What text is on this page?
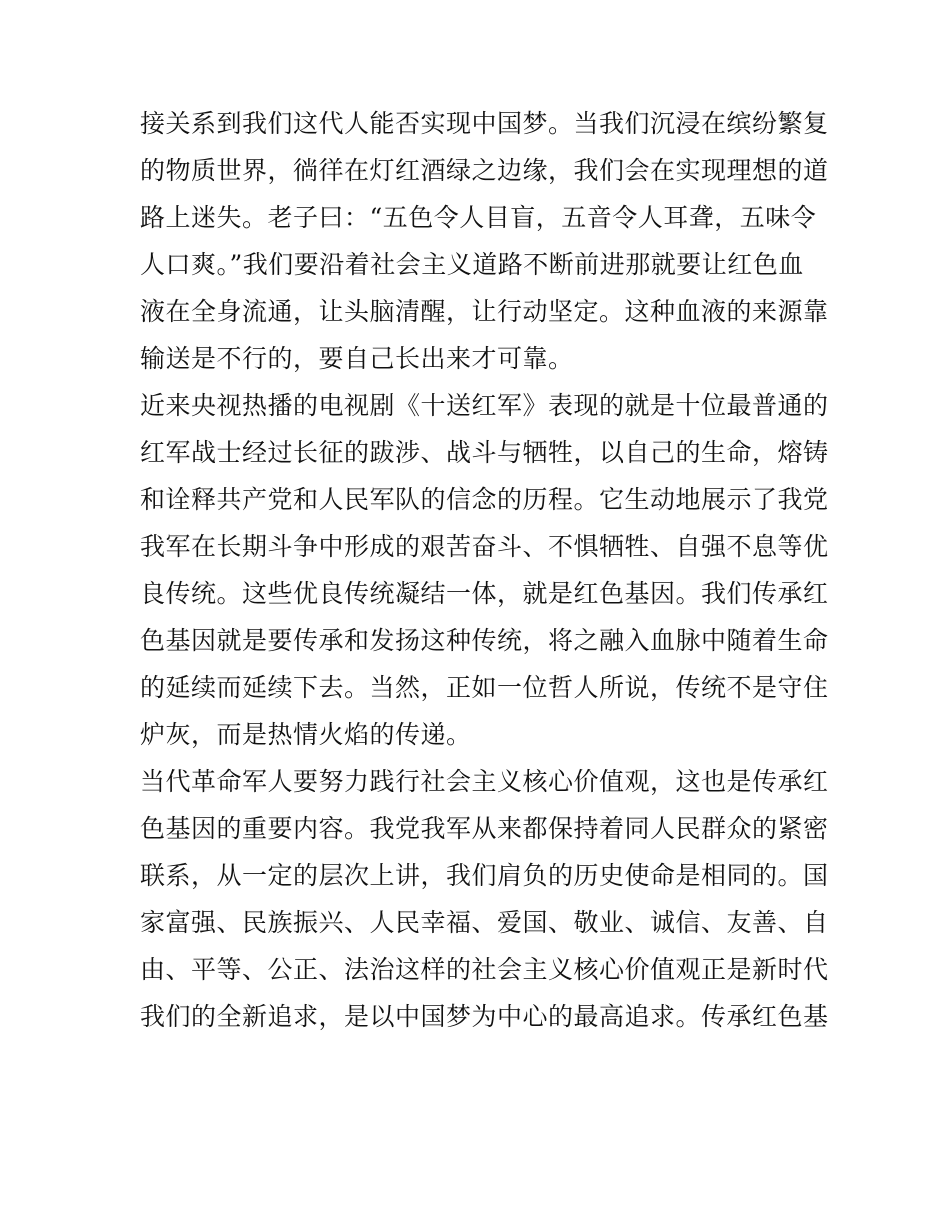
接关系到我们这代人能否实现中国梦。当我们沉浸在缤纷繁复
的物质世界，徜徉在灯红酒绿之边缘，我们会在实现理想的道
路上迷失。老子曰：“五色令人目盲，五音令人耳聋，五味令
人口爽。”我们要沿着社会主义道路不断前进那就要让红色血
液在全身流通，让头脑清醒，让行动坚定。这种血液的来源靠
输送是不行的，要自己长出来才可靠。
近来央视热播的电视剧《十送红军》表现的就是十位最普通的
红军战士经过长征的跋涉、战斗与牺牲，以自己的生命，熔铸
和诠释共产党和人民军队的信念的历程。它生动地展示了我党
我军在长期斗争中形成的艰苦奋斗、不惧牺牲、自强不息等优
良传统。这些优良传统凝结一体，就是红色基因。我们传承红
色基因就是要传承和发扬这种传统，将之融入血脉中随着生命
的延续而延续下去。当然，正如一位哲人所说，传统不是守住
炉灰，而是热情火焰的传递。
当代革命军人要努力践行社会主义核心价值观，这也是传承红
色基因的重要内容。我党我军从来都保持着同人民群众的紧密
联系，从一定的层次上讲，我们肩负的历史使命是相同的。国
家富强、民族振兴、人民幸福、爱国、敬业、诚信、友善、自
由、平等、公正、法治这样的社会主义核心价值观正是新时代
我们的全新追求，是以中国梦为中心的最高追求。传承红色基
